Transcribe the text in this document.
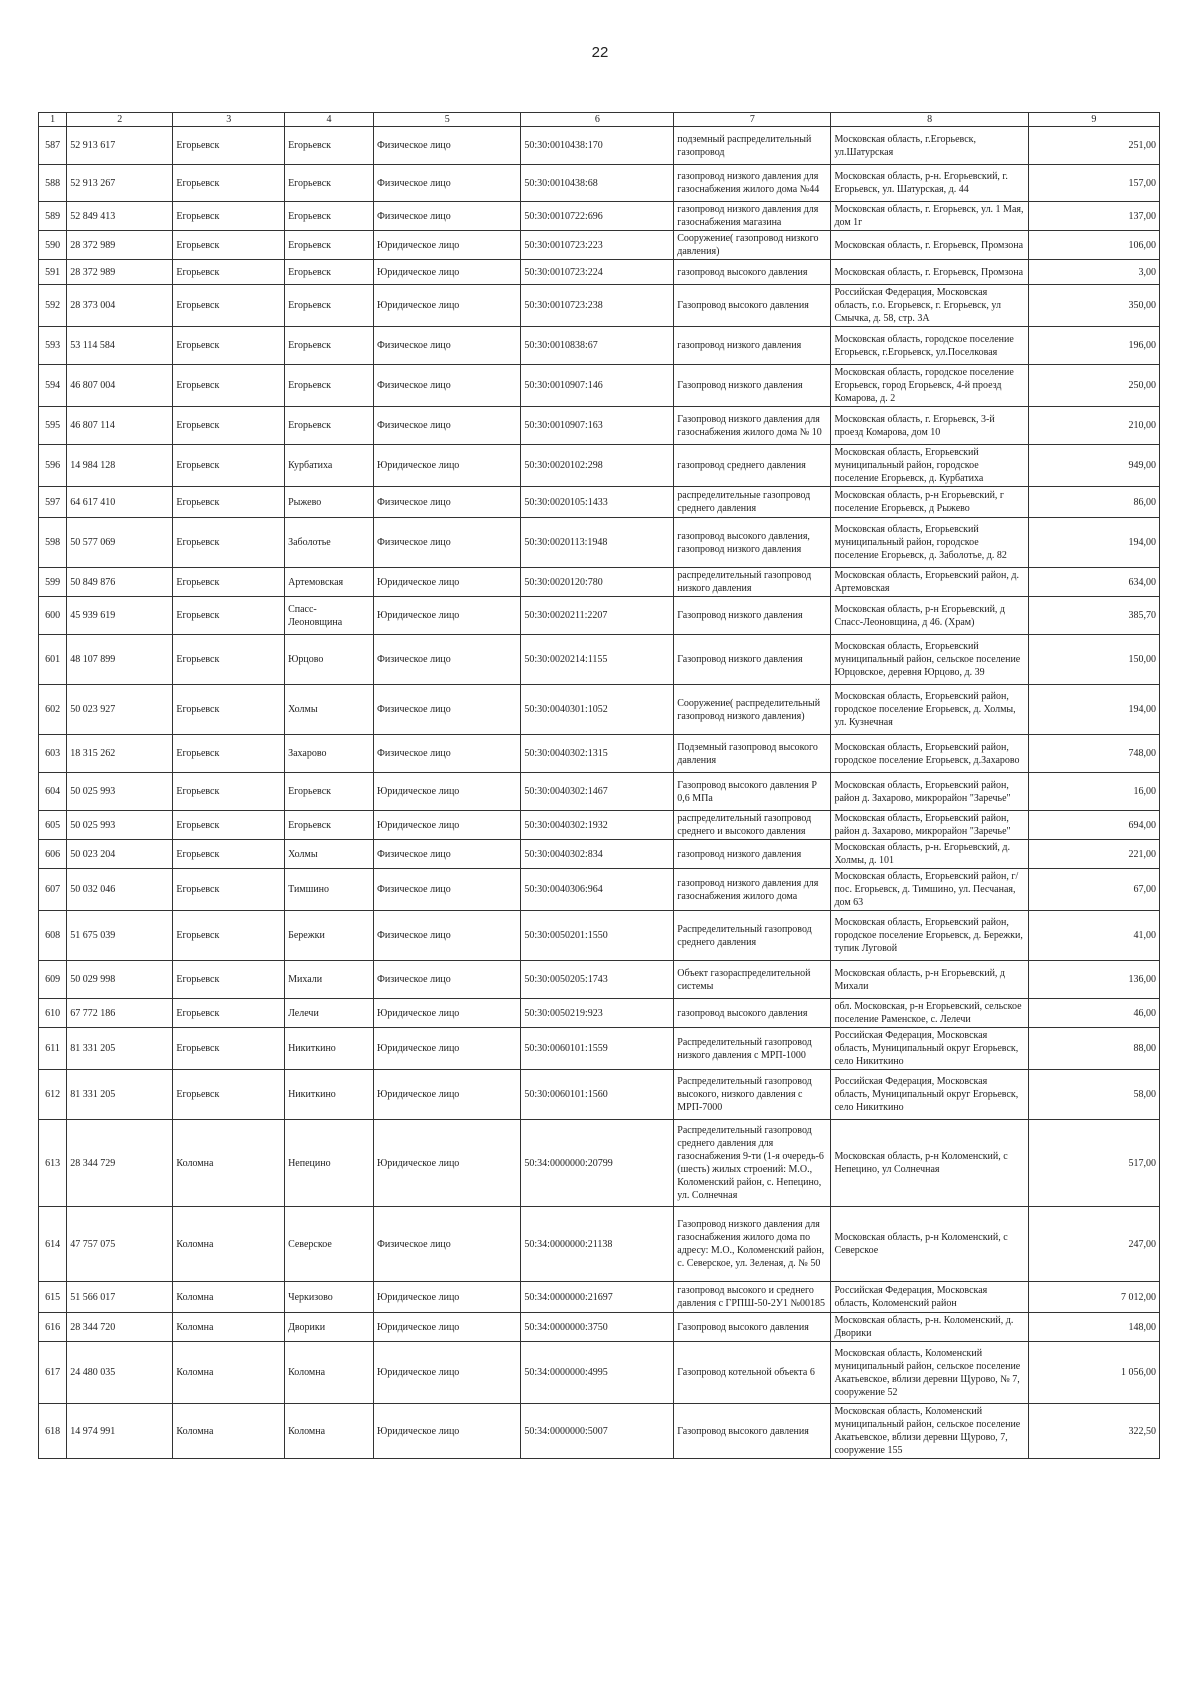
22
1	2	3	4	5	6	7	8	9
587	52 913 617	Егорьевск	Егорьевск	Физическое лицо	50:30:0010438:170	подземный распределительный газопровод	Московская область, г.Егорьевск, ул.Шатурская	251,00
588	52 913 267	Егорьевск	Егорьевск	Физическое лицо	50:30:0010438:68	газопровод низкого давления для газоснабжения жилого дома №44	Московская область, р-н. Егорьевский, г. Егорьевск, ул. Шатурская, д. 44	157,00
589	52 849 413	Егорьевск	Егорьевск	Физическое лицо	50:30:0010722:696	газопровод низкого давления для газоснабжения магазина	Московская область, г. Егорьевск, ул. 1 Мая, дом 1г	137,00
590	28 372 989	Егорьевск	Егорьевск	Юридическое лицо	50:30:0010723:223	Сооружение( газопровод низкого давления)	Московская область, г. Егорьевск, Промзона	106,00
591	28 372 989	Егорьевск	Егорьевск	Юридическое лицо	50:30:0010723:224	газопровод высокого давления	Московская область, г. Егорьевск, Промзона	3,00
592	28 373 004	Егорьевск	Егорьевск	Юридическое лицо	50:30:0010723:238	Газопровод высокого давления	Российская Федерация, Московская область, г.о. Егорьевск, г. Егорьевск, ул Смычка, д. 58, стр. 3А	350,00
593	53 114 584	Егорьевск	Егорьевск	Физическое лицо	50:30:0010838:67	газопровод низкого давления	Московская область, городское поселение Егорьевск, г.Егорьевск, ул.Поселковая	196,00
594	46 807 004	Егорьевск	Егорьевск	Физическое лицо	50:30:0010907:146	Газопровод низкого давления	Московская область, городское поселение Егорьевск, город Егорьевск, 4-й проезд Комарова, д. 2	250,00
595	46 807 114	Егорьевск	Егорьевск	Физическое лицо	50:30:0010907:163	Газопровод низкого давления для газоснабжения жилого дома № 10	Московская область, г. Егорьевск, 3-й проезд Комарова, дом 10	210,00
596	14 984 128	Егорьевск	Курбатиха	Юридическое лицо	50:30:0020102:298	газопровод среднего давления	Московская область, Егорьевский муниципальный район, городское поселение Егорьевск, д. Курбатиха	949,00
597	64 617 410	Егорьевск	Рыжево	Физическое лицо	50:30:0020105:1433	распределительные газопровод среднего давления	Московская область, р-н Егорьевский, г поселение Егорьевск, д Рыжево	86,00
598	50 577 069	Егорьевск	Заболотье	Физическое лицо	50:30:0020113:1948	газопровод высокого давления, газопровод низкого давления	Московская область, Егорьевский муниципальный район, городское поселение Егорьевск, д. Заболотье, д. 82	194,00
599	50 849 876	Егорьевск	Артемовская	Юридическое лицо	50:30:0020120:780	распределительный газопровод низкого давления	Московская область, Егорьевский район, д. Артемовская	634,00
600	45 939 619	Егорьевск	Спасс-Леоновщина	Юридическое лицо	50:30:0020211:2207	Газопровод низкого давления	Московская область, р-н Егорьевский, д Спасс-Леоновщина, д 46. (Храм)	385,70
601	48 107 899	Егорьевск	Юрцово	Физическое лицо	50:30:0020214:1155	Газопровод низкого давления	Московская область, Егорьевский муниципальный район, сельское поселение Юрцовское, деревня Юрцово, д. 39	150,00
602	50 023 927	Егорьевск	Холмы	Физическое лицо	50:30:0040301:1052	Сооружение( распределительный газопровод низкого давления)	Московская область, Егорьевский район, городское поселение Егорьевск, д. Холмы, ул. Кузнечная	194,00
603	18 315 262	Егорьевск	Захарово	Физическое лицо	50:30:0040302:1315	Подземный газопровод высокого давления	Московская область, Егорьевский район, городское поселение Егорьевск, д.Захарово	748,00
604	50 025 993	Егорьевск	Егорьевск	Юридическое лицо	50:30:0040302:1467	Газопровод высокого давления P 0,6 МПа	Московская область, Егорьевский район, район д. Захарово, микрорайон "Заречье"	16,00
605	50 025 993	Егорьевск	Егорьевск	Юридическое лицо	50:30:0040302:1932	распределительный газопровод среднего и высокого давления	Московская область, Егорьевский район, район д. Захарово, микрорайон "Заречье"	694,00
606	50 023 204	Егорьевск	Холмы	Физическое лицо	50:30:0040302:834	газопровод низкого давления	Московская область, р-н. Егорьевский, д. Холмы, д. 101	221,00
607	50 032 046	Егорьевск	Тимшино	Физическое лицо	50:30:0040306:964	газопровод низкого давления для газоснабжения жилого дома	Московская область, Егорьевский район, г/пос. Егорьевск, д. Тимшино, ул. Песчаная, дом 63	67,00
608	51 675 039	Егорьевск	Бережки	Физическое лицо	50:30:0050201:1550	Распределительный газопровод среднего давления	Московская область, Егорьевский район, городское поселение Егорьевск, д. Бережки, тупик Луговой	41,00
609	50 029 998	Егорьевск	Михали	Физическое лицо	50:30:0050205:1743	Объект газораспределительной системы	Московская область, р-н Егорьевский, д Михали	136,00
610	67 772 186	Егорьевск	Лелечи	Юридическое лицо	50:30:0050219:923	газопровод высокого давления	обл. Московская, р-н Егорьевский, сельское поселение Раменское, с. Лелечи	46,00
611	81 331 205	Егорьевск	Никиткино	Юридическое лицо	50:30:0060101:1559	Распределительный газопровод низкого давления с МРП-1000	Российская Федерация, Московская область, Муниципальный округ Егорьевск, село Никиткино	88,00
612	81 331 205	Егорьевск	Никиткино	Юридическое лицо	50:30:0060101:1560	Распределительный газопровод высокого, низкого давления с МРП-7000	Российская Федерация, Московская область, Муниципальный округ Егорьевск, село Никиткино	58,00
613	28 344 729	Коломна	Непецино	Юридическое лицо	50:34:0000000:20799	Распределительный газопровод среднего давления для газоснабжения 9-ти (1-я очередь-6 (шесть) жилых строений: М.О., Коломенский район, с. Непецино, ул. Солнечная	Московская область, р-н Коломенский, с Непецино, ул Солнечная	517,00
614	47 757 075	Коломна	Северское	Физическое лицо	50:34:0000000:21138	Газопровод низкого давления для газоснабжения жилого дома по адресу: М.О., Коломенский район, с. Северское, ул. Зеленая, д. № 50	Московская область, р-н Коломенский, с Северское	247,00
615	51 566 017	Коломна	Черкизово	Юридическое лицо	50:34:0000000:21697	газопровод высокого и среднего давления с ГРПШ-50-2У1 №00185	Российская Федерация, Московская область, Коломенский район	7 012,00
616	28 344 720	Коломна	Дворики	Юридическое лицо	50:34:0000000:3750	Газопровод высокого давления	Московская область, р-н. Коломенский, д. Дворики	148,00
617	24 480 035	Коломна	Коломна	Юридическое лицо	50:34:0000000:4995	Газопровод котельной объекта 6	Московская область, Коломенский муниципальный район, сельское поселение Акатьевское, вблизи деревни Щурово, № 7, сооружение 52	1 056,00
618	14 974 991	Коломна	Коломна	Юридическое лицо	50:34:0000000:5007	Газопровод высокого давления	Московская область, Коломенский муниципальный район, сельское поселение Акатьевское, вблизи деревни Щурово, 7, сооружение 155	322,50
